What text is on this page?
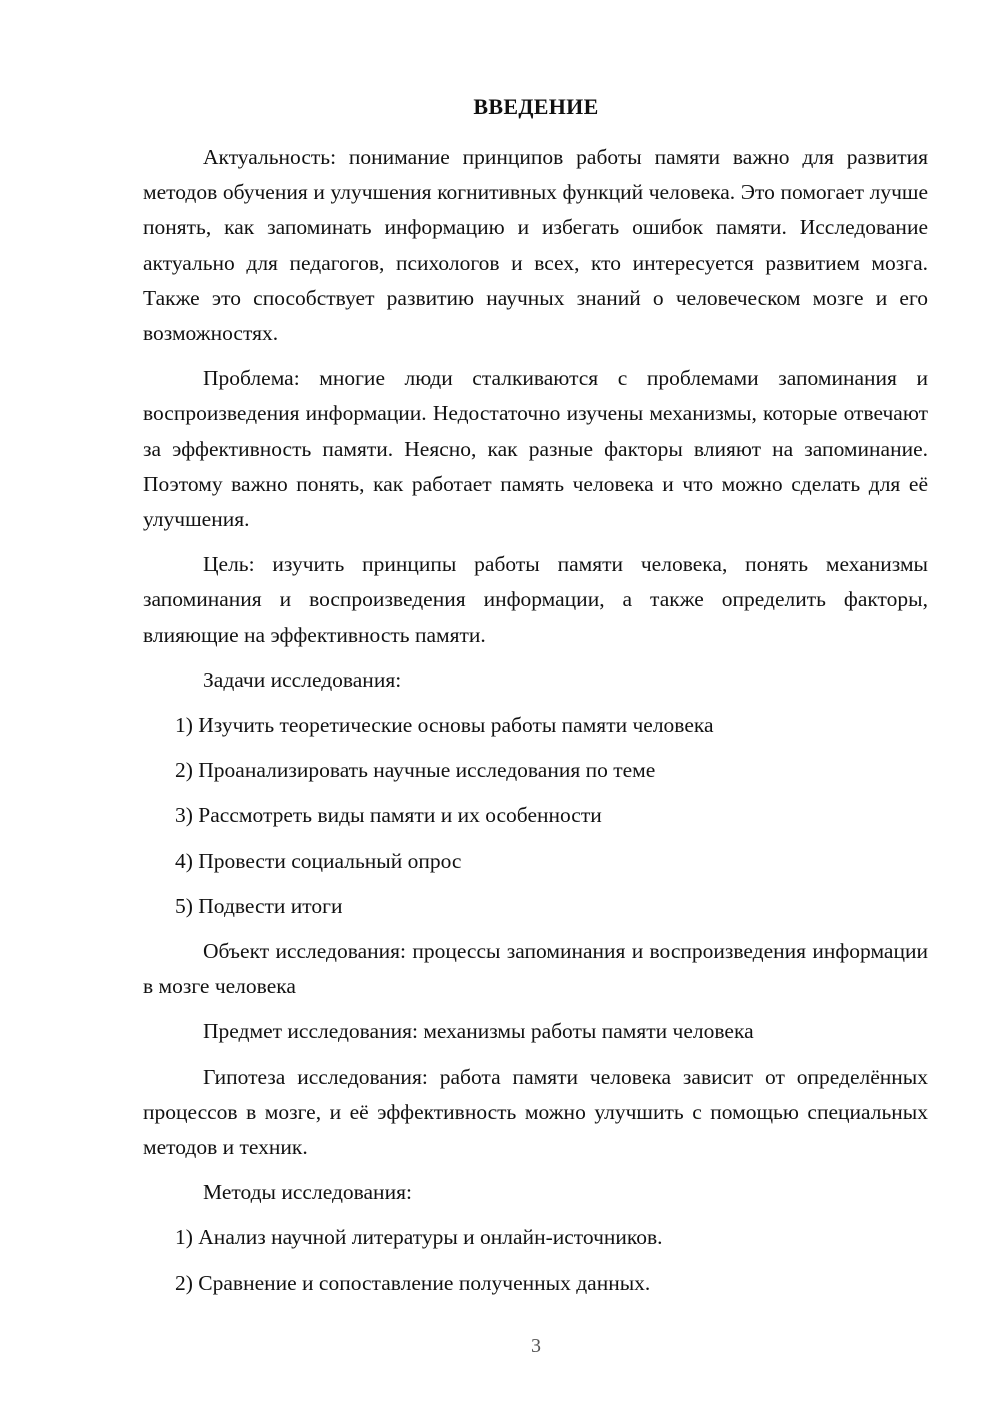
ВВЕДЕНИЕ

Актуальность: понимание принципов работы памяти важно для развития методов обучения и улучшения когнитивных функций человека. Это помогает лучше понять, как запоминать информацию и избегать ошибок памяти. Исследование актуально для педагогов, психологов и всех, кто интересуется развитием мозга. Также это способствует развитию научных знаний о человеческом мозге и его возможностях.

Проблема: многие люди сталкиваются с проблемами запоминания и воспроизведения информации. Недостаточно изучены механизмы, которые отвечают за эффективность памяти. Неясно, как разные факторы влияют на запоминание. Поэтому важно понять, как работает память человека и что можно сделать для её улучшения.

Цель: изучить принципы работы памяти человека, понять механизмы запоминания и воспроизведения информации, а также определить факторы, влияющие на эффективность памяти.

Задачи исследования:

1) Изучить теоретические основы работы памяти человека
2) Проанализировать научные исследования по теме
3) Рассмотреть виды памяти и их особенности
4) Провести социальный опрос
5) Подвести итоги

Объект исследования: процессы запоминания и воспроизведения информации в мозге человека

Предмет исследования: механизмы работы памяти человека

Гипотеза исследования: работа памяти человека зависит от определённых процессов в мозге, и её эффективность можно улучшить с помощью специальных методов и техник.

Методы исследования:

1) Анализ научной литературы и онлайн-источников.
2) Сравнение и сопоставление полученных данных.
3
